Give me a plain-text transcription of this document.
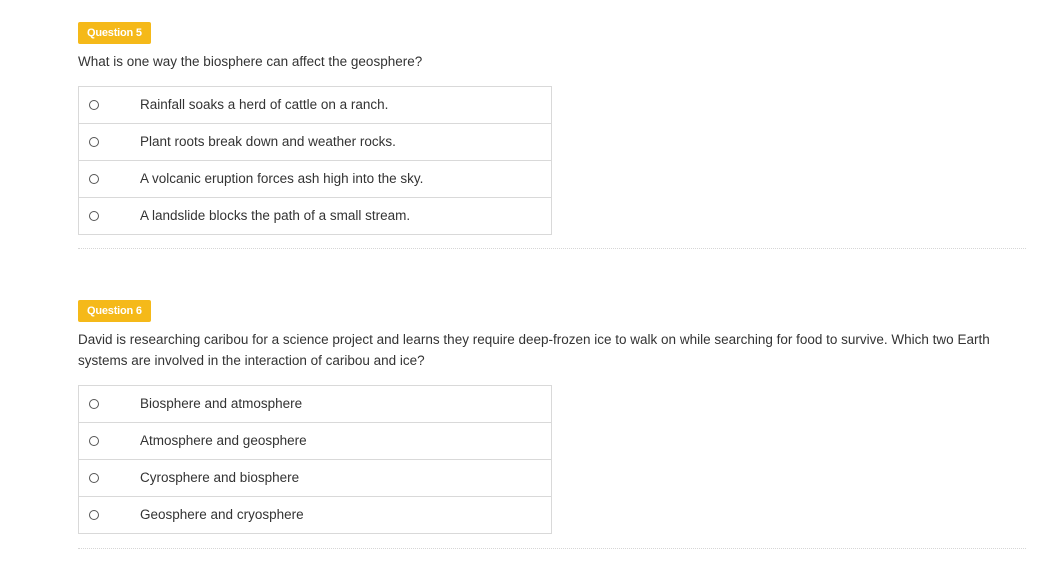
Question 5
What is one way the biosphere can affect the geosphere?
Rainfall soaks a herd of cattle on a ranch.
Plant roots break down and weather rocks.
A volcanic eruption forces ash high into the sky.
A landslide blocks the path of a small stream.
Question 6
David is researching caribou for a science project and learns they require deep-frozen ice to walk on while searching for food to survive. Which two Earth systems are involved in the interaction of caribou and ice?
Biosphere and atmosphere
Atmosphere and geosphere
Cyrosphere and biosphere
Geosphere and cryosphere
